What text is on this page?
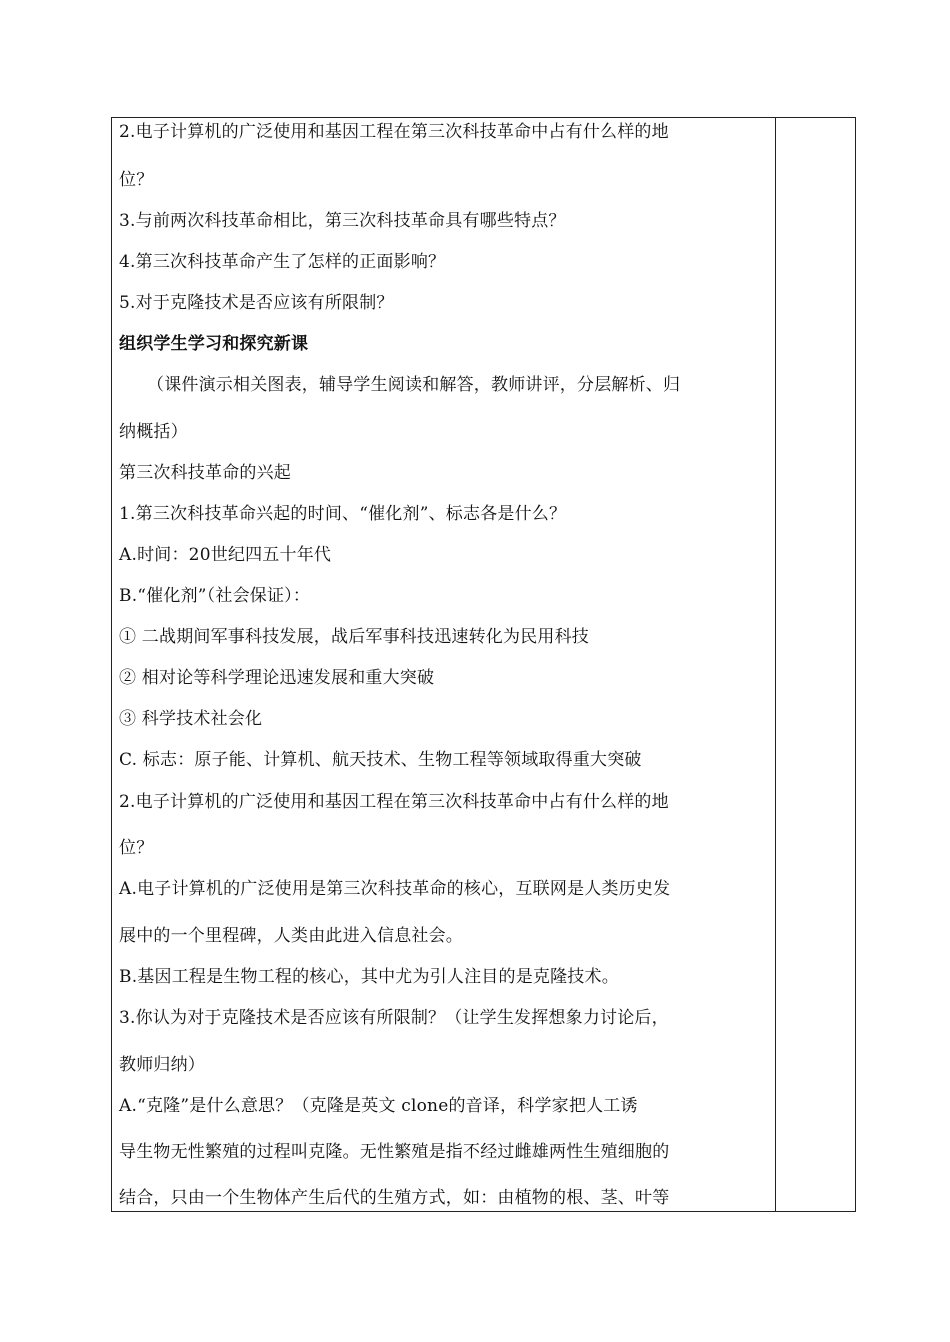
2.电子计算机的广泛使用和基因工程在第三次科技革命中占有什么样的地
位？
3.与前两次科技革命相比，第三次科技革命具有哪些特点？
4.第三次科技革命产生了怎样的正面影响？
5.对于克隆技术是否应该有所限制？
组织学生学习和探究新课
（课件演示相关图表，辅导学生阅读和解答，教师讲评，分层解析、归
纳概括）
第三次科技革命的兴起
1.第三次科技革命兴起的时间、“催化剂”、标志各是什么？
A.时间：20世纪四五十年代
B.“催化剂”（社会保证）：
① 二战期间军事科技发展，战后军事科技迅速转化为民用科技
② 相对论等科学理论迅速发展和重大突破
③ 科学技术社会化
C. 标志：原子能、计算机、航天技术、生物工程等领域取得重大突破
2.电子计算机的广泛使用和基因工程在第三次科技革命中占有什么样的地
位？
A.电子计算机的广泛使用是第三次科技革命的核心，互联网是人类历史发
展中的一个里程碑，人类由此进入信息社会。
B.基因工程是生物工程的核心，其中尤为引人注目的是克隆技术。
3.你认为对于克隆技术是否应该有所限制？（让学生发挥想象力讨论后，
教师归纳）
A.“克隆”是什么意思？（克隆是英文 clone的音译，科学家把人工诱
导生物无性繁殖的过程叫克隆。无性繁殖是指不经过雌雄两性生殖细胞的
结合，只由一个生物体产生后代的生殖方式，如：由植物的根、茎、叶等
